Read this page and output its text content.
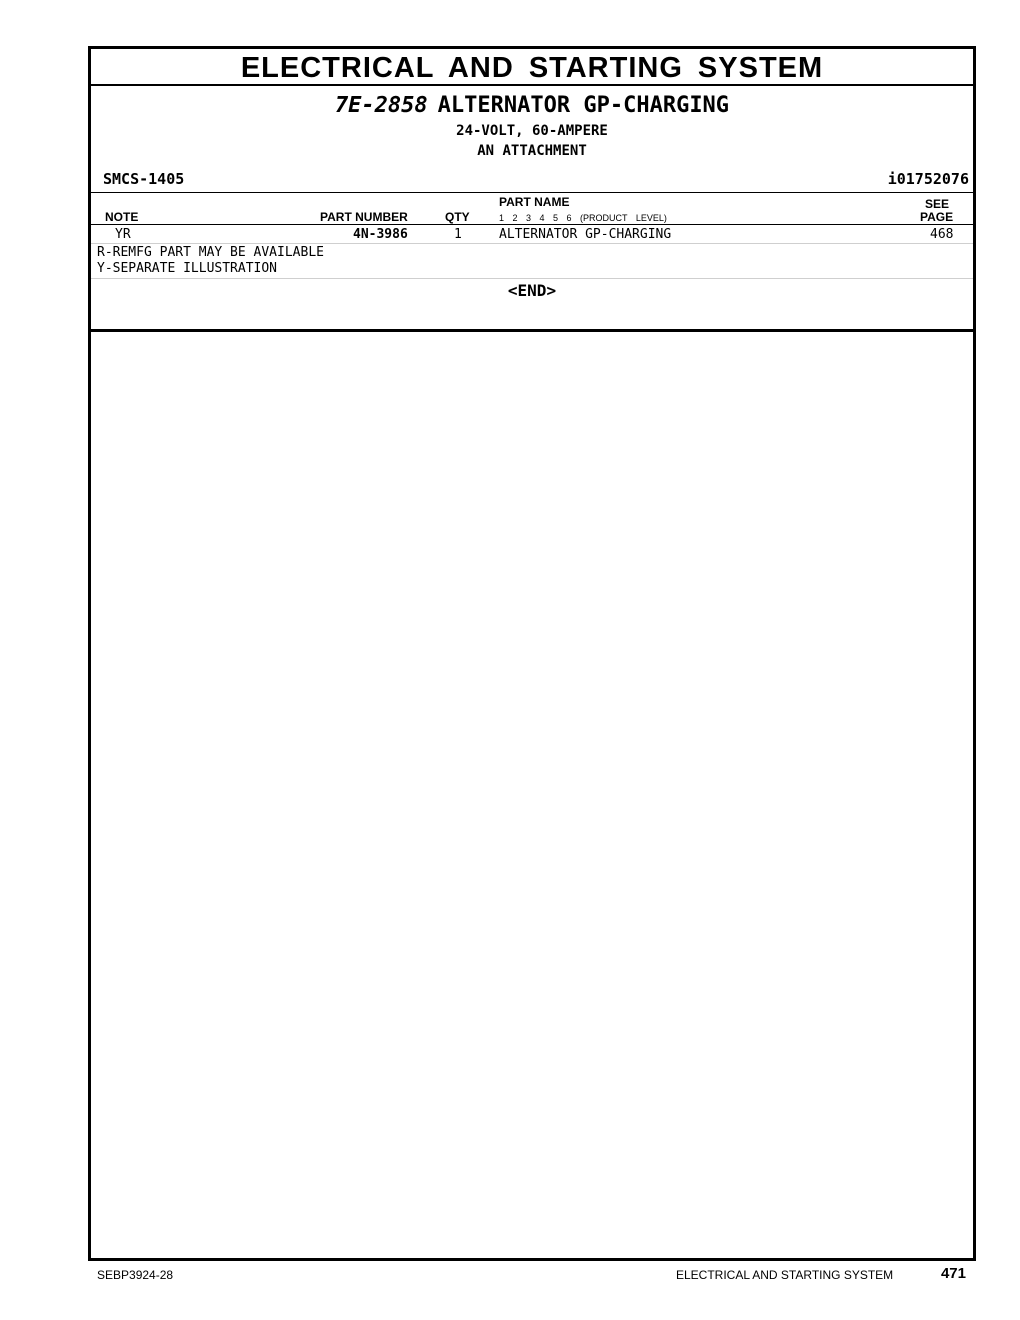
ELECTRICAL AND STARTING SYSTEM
7E-2858 ALTERNATOR GP-CHARGING
24-VOLT, 60-AMPERE
AN ATTACHMENT
SMCS-1405	i01752076
PART NAME	SEE
NOTE	PART NUMBER	QTY	1 2 3 4 5 6 (PRODUCT LEVEL)	PAGE
YR	4N-3986	1	ALTERNATOR GP-CHARGING	468
R-REMFG PART MAY BE AVAILABLE
Y-SEPARATE ILLUSTRATION
<END>
SEBP3924-28	ELECTRICAL AND STARTING SYSTEM	471
